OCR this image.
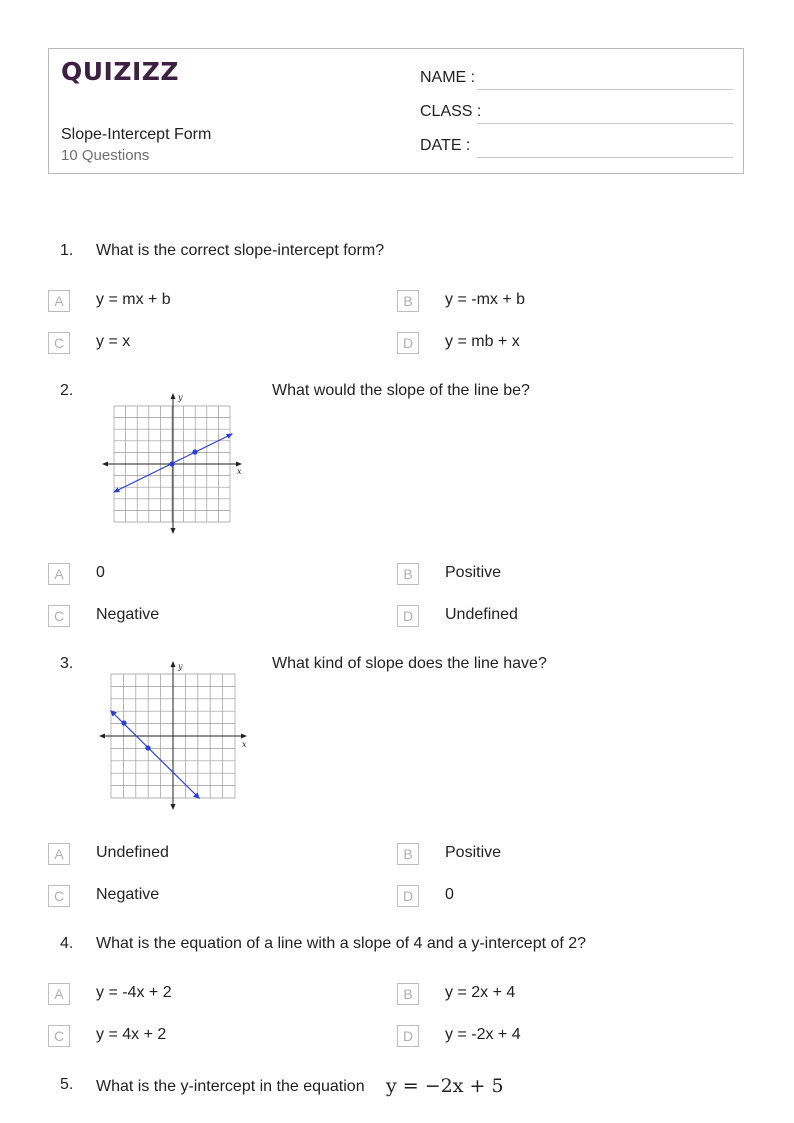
QUIZIZZ
Slope-Intercept Form
10 Questions
NAME :
CLASS :
DATE :
1. What is the correct slope-intercept form?
A	y = mx + b	B	y = -mx + b
C	y = x	D	y = mb + x
2.
x
y	What would the slope of the line be?
A	0	B	Positive
C	Negative	D	Undefined
3.
x
y	What kind of slope does the line have?
A	Undefined	B	Positive
C	Negative	D	0
4. What is the equation of a line with a slope of 4 and a y-intercept of 2?
A	y = -4x + 2	B	y = 2x + 4
C	y = 4x + 2	D	y = -2x + 4
5. What is the y-intercept in the equation y = −2x + 5
